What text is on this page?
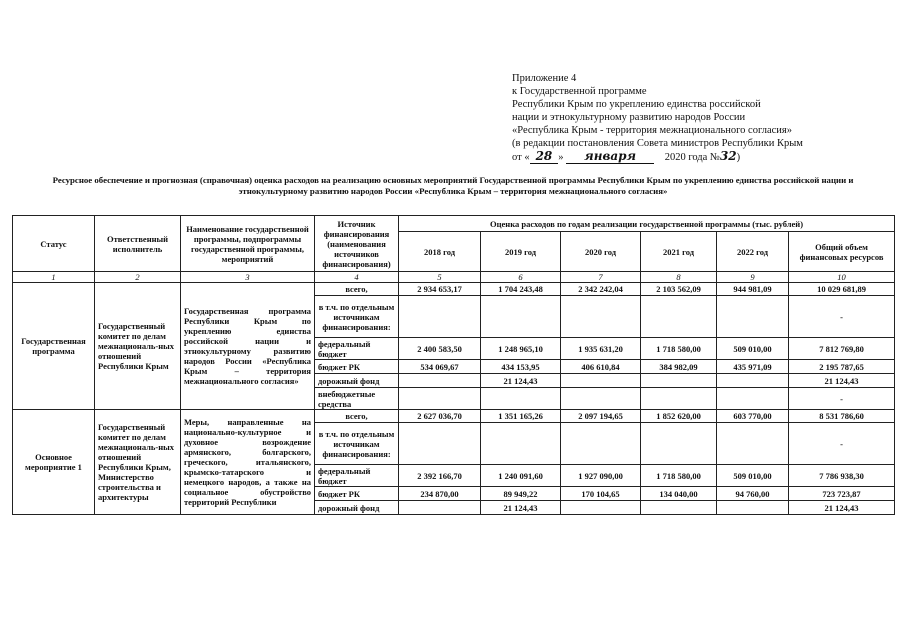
Приложение 4
к Государственной программе
Республики Крым по укреплению единства российской
нации и этнокультурному развитию народов России
«Республика Крым - территория межнационального согласия»
(в редакции постановления Совета министров Республики Крым
от « 28 » января	2020 года №32)
Ресурсное обеспечение и прогнозная (справочная) оценка расходов на реализацию основных мероприятий Государственной программы Республики Крым по укреплению единства российской нации и этнокультурному развитию народов России «Республика Крым – территория межнационального согласия»
Статус	Ответственный исполнитель	Наименование государственной программы, подпрограммы государственной программы, мероприятий	Источник финансирования (наименования источников финансирования)	Оценка расходов по годам реализации государственной программы (тыс. рублей)					
				2018 год	2019 год	2020 год	2021 год	2022 год	Общий объем финансовых ресурсов
1	2	3	4	5	6	7	8	9	10
Государственная программа	Государственный комитет по делам межнациональ-ных отношений Республики Крым	Государственная программа Республики Крым по укреплению единства российской нации и этнокультурному развитию народов России «Республика Крым – территория межнационального согласия»	всего,	2 934 653,17	1 704 243,48	2 342 242,04	2 103 562,09	944 981,09	10 029 681,89
			в т.ч. по отдельным источникам финансирования:						-
			федеральный бюджет	2 400 583,50	1 248 965,10	1 935 631,20	1 718 580,00	509 010,00	7 812 769,80
			бюджет РК	534 069,67	434 153,95	406 610,84	384 982,09	435 971,09	2 195 787,65
			дорожный фонд		21 124,43				21 124,43
			внебюджетные средства						-
Основное мероприятие 1	Государственный комитет по делам межнациональ-ных отношений Республики Крым, Министерство строительства и архитектуры	Меры, направленные на национально-культурное и духовное возрождение армянского, болгарского, греческого, итальянского, крымско-татарского и немецкого народов, а также на социальное обустройство территорий Республики	всего,	2 627 036,70	1 351 165,26	2 097 194,65	1 852 620,00	603 770,00	8 531 786,60
			в т.ч. по отдельным источникам финансирования:						-
			федеральный бюджет	2 392 166,70	1 240 091,60	1 927 090,00	1 718 580,00	509 010,00	7 786 938,30
			бюджет РК	234 870,00	89 949,22	170 104,65	134 040,00	94 760,00	723 723,87
			дорожный фонд		21 124,43				21 124,43
